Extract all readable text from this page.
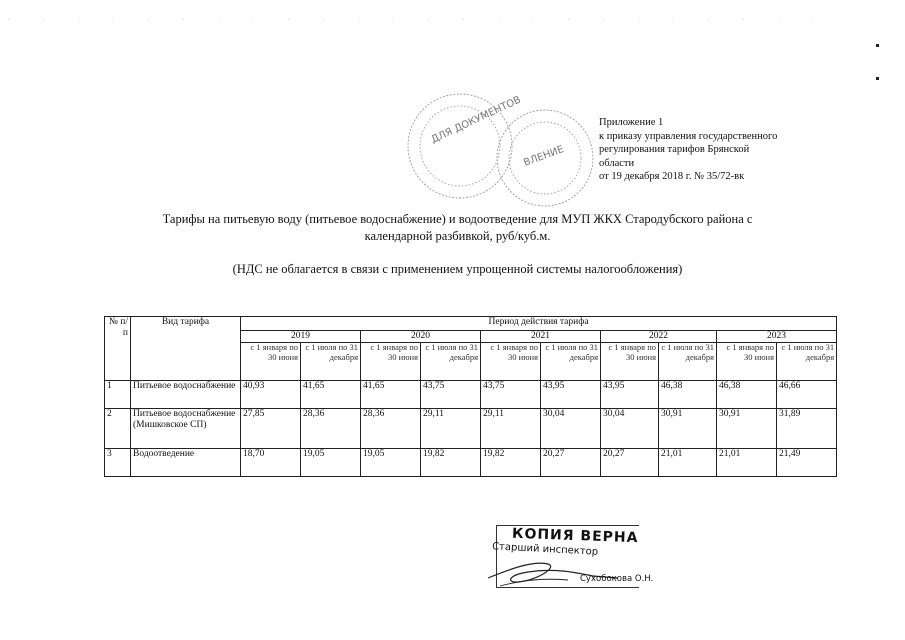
ДЛЯ ДОКУМЕНТОВ
ВЛЕНИЕ
Приложение 1
к приказу управления государственного
регулирования тарифов Брянской
области
от 19 декабря 2018 г. № 35/72-вк
Тарифы на питьевую воду (питьевое водоснабжение) и водоотведение для МУП ЖКХ Стародубского района с
календарной разбивкой, руб/куб.м.
(НДС не облагается в связи с применением упрощенной системы налогообложения)
№ п/п	Вид тарифа	Период действия тарифа									
		2019		2020		2021		2022		2023	
		с 1 января по 30 июня	с 1 июля по 31 декабря	с 1 января по 30 июня	с 1 июля по 31 декабря	с 1 января по 30 июня	с 1 июля по 31 декабря	с 1 января по 30 июня	с 1 июля по 31 декабря	с 1 января по 30 июня	с 1 июля по 31 декабря
1	Питьевое водоснабжение	40,93	41,65	41,65	43,75	43,75	43,95	43,95	46,38	46,38	46,66
2	Питьевое водоснабжение (Мишковское СП)	27,85	28,36	28,36	29,11	29,11	30,04	30,04	30,91	30,91	31,89
3	Водоотведение	18,70	19,05	19,05	19,82	19,82	20,27	20,27	21,01	21,01	21,49
КОПИЯ ВЕРНА
Старший инспектор
Сухобокова О.Н.
